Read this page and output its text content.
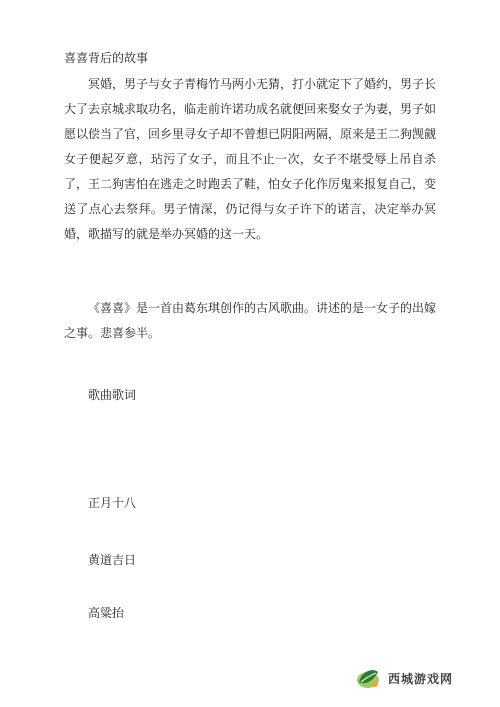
喜喜背后的故事

冥婚，男子与女子青梅竹马两小无猜，打小就定下了婚约，男子长大了去京城求取功名，临走前许诺功成名就便回来娶女子为妻，男子如愿以偿当了官，回乡里寻女子却不曾想已阴阳两隔，原来是王二狗觊觎女子便起歹意，玷污了女子，而且不止一次，女子不堪受辱上吊自杀了，王二狗害怕在逃走之时跑丢了鞋，怕女子化作厉鬼来报复自己，变送了点心去祭拜。男子情深，仍记得与女子许下的诺言，决定举办冥婚，歌描写的就是举办冥婚的这一天。

《喜喜》是一首由葛东琪创作的古风歌曲。讲述的是一女子的出嫁之事。悲喜参半。

歌曲歌词

正月十八

黄道吉日

高粱抬

西城游戏网
